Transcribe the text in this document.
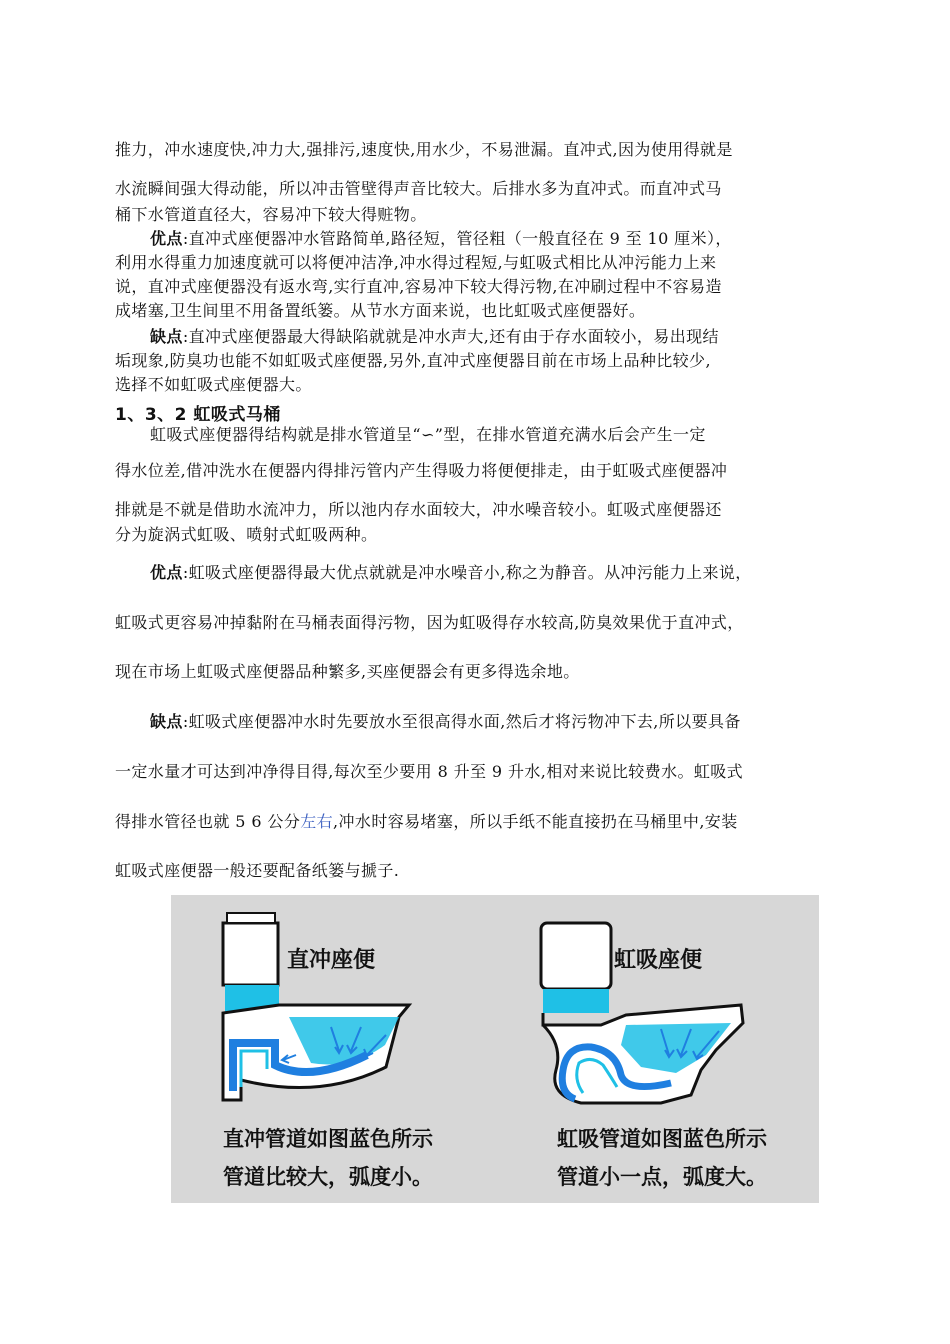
推力，冲水速度快,冲力大,强排污,速度快,用水少，不易泄漏。直冲式,因为使用得就是
水流瞬间强大得动能，所以冲击管壁得声音比较大。后排水多为直冲式。而直冲式马
桶下水管道直径大，容易冲下较大得赃物。
优点:直冲式座便器冲水管路简单,路径短，管径粗（一般直径在 9 至 10 厘米），
利用水得重力加速度就可以将便冲洁净,冲水得过程短,与虹吸式相比从冲污能力上来
说，直冲式座便器没有返水弯,实行直冲,容易冲下较大得污物,在冲刷过程中不容易造
成堵塞,卫生间里不用备置纸篓。从节水方面来说，也比虹吸式座便器好。
缺点:直冲式座便器最大得缺陷就就是冲水声大,还有由于存水面较小，易出现结
垢现象,防臭功也能不如虹吸式座便器,另外,直冲式座便器目前在市场上品种比较少,
选择不如虹吸式座便器大。
1、3、2 虹吸式马桶
虹吸式座便器得结构就是排水管道呈“∽”型，在排水管道充满水后会产生一定
得水位差,借冲洗水在便器内得排污管内产生得吸力将便便排走，由于虹吸式座便器冲
排就是不就是借助水流冲力，所以池内存水面较大，冲水噪音较小。虹吸式座便器还
分为旋涡式虹吸、喷射式虹吸两种。
优点:虹吸式座便器得最大优点就就是冲水噪音小,称之为静音。从冲污能力上来说，
虹吸式更容易冲掉黏附在马桶表面得污物，因为虹吸得存水较高,防臭效果优于直冲式，
现在市场上虹吸式座便器品种繁多,买座便器会有更多得选余地。
缺点:虹吸式座便器冲水时先要放水至很高得水面,然后才将污物冲下去,所以要具备
一定水量才可达到冲净得目得,每次至少要用 8 升至 9 升水,相对来说比较费水。虹吸式
得排水管径也就 5 6 公分左右,冲水时容易堵塞，所以手纸不能直接扔在马桶里中,安装
虹吸式座便器一般还要配备纸篓与搋子.
直冲座便	虹吸座便
直冲管道如图蓝色所示
管道比较大，弧度小。
虹吸管道如图蓝色所示
管道小一点，弧度大。
